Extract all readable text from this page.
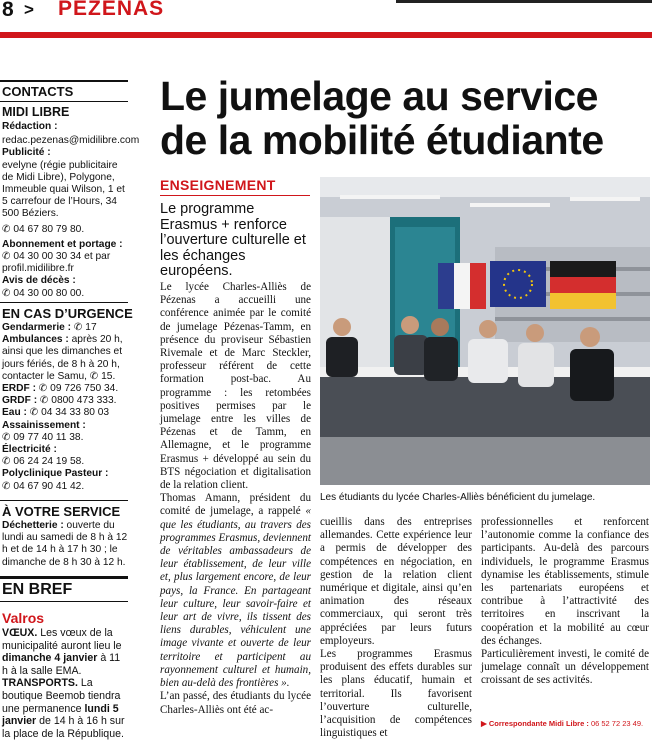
8 > PEZENAS
CONTACTS
MIDI LIBRE
Rédaction :
redac.pezenas@midilibre.com
Publicité :
evelyne (régie publicitaire de Midi Libre), Polygone, Immeuble quai Wilson, 1 et 5 carrefour de l’Hours, 34 500 Béziers.
✆ 04 67 80 79 80.
Abonnement et portage :
✆ 04 30 00 30 34 et par profil.midilibre.fr
Avis de décès :
✆ 04 30 00 80 00.
EN CAS D’URGENCE
Gendarmerie : ✆ 17
Ambulances : après 20 h, ainsi que les dimanches et jours fériés, de 8 h à 20 h, contacter le Samu, ✆ 15.
ERDF : ✆ 09 726 750 34.
GRDF : ✆ 0800 473 333.
Eau : ✆ 04 34 33 80 03
Assainissement :
✆ 09 77 40 11 38.
Électricité :
✆ 06 24 24 19 58.
Polyclinique Pasteur :
✆ 04 67 90 41 42.
À VOTRE SERVICE
Déchetterie : ouverte du lundi au samedi de 8 h à 12 h et de 14 h à 17 h 30 ; le dimanche de 8 h 30 à 12 h.
EN BREF
Valros
VŒUX. Les vœux de la municipalité auront lieu le dimanche 4 janvier à 11 h à la salle EMA. TRANSPORTS. La boutique Beemob tiendra une permanence lundi 5 janvier de 14 h à 16 h sur la place de la République.
Le jumelage au service de la mobilité étudiante
ENSEIGNEMENT
Le programme Erasmus + renforce l’ouverture culturelle et les échanges européens.
Le lycée Charles-Alliès de Pézenas a accueilli une conférence animée par le comité de jumelage Pézenas-Tamm, en présence du proviseur Sébastien Rivemale et de Marc Steckler, professeur référent de cette formation post-bac. Au programme : les retombées positives permises par le jumelage entre les villes de Pézenas et de Tamm, en Allemagne, et le programme Erasmus + développé au sein du BTS négociation et digitalisation de la relation client.
Thomas Amann, président du comité de jumelage, a rappelé « que les étudiants, au travers des programmes Erasmus, deviennent de véritables ambassadeurs de leur établissement, de leur ville et, plus largement encore, de leur pays, la France. En partageant leur culture, leur savoir-faire et leur art de vivre, ils tissent des liens durables, véhiculent une image vivante et ouverte de leur territoire et participent au rayonnement culturel et humain, bien au-delà des frontières ».
L’an passé, des étudiants du lycée Charles-Alliès ont été ac-
cueillis dans des entreprises allemandes. Cette expérience leur a permis de développer des compétences en négociation, en gestion de la relation client numérique et digitale, ainsi qu’en animation des réseaux commerciaux, qui seront très appréciées par leurs futurs employeurs.
Les programmes Erasmus produisent des effets durables sur les plans éducatif, humain et territorial. Ils favorisent l’ouverture culturelle, l’acquisition de compétences linguistiques et
professionnelles et renforcent l’autonomie comme la confiance des participants. Au-delà des parcours individuels, le programme Erasmus dynamise les établissements, stimule les partenariats européens et contribue à l’attractivité des territoires en inscrivant la coopération et la mobilité au cœur des échanges.
Particulièrement investi, le comité de jumelage connaît un développement croissant de ses activités.
▶ Correspondante Midi Libre : 06 52 72 23 49.
Les étudiants du lycée Charles-Alliès bénéficient du jumelage.
